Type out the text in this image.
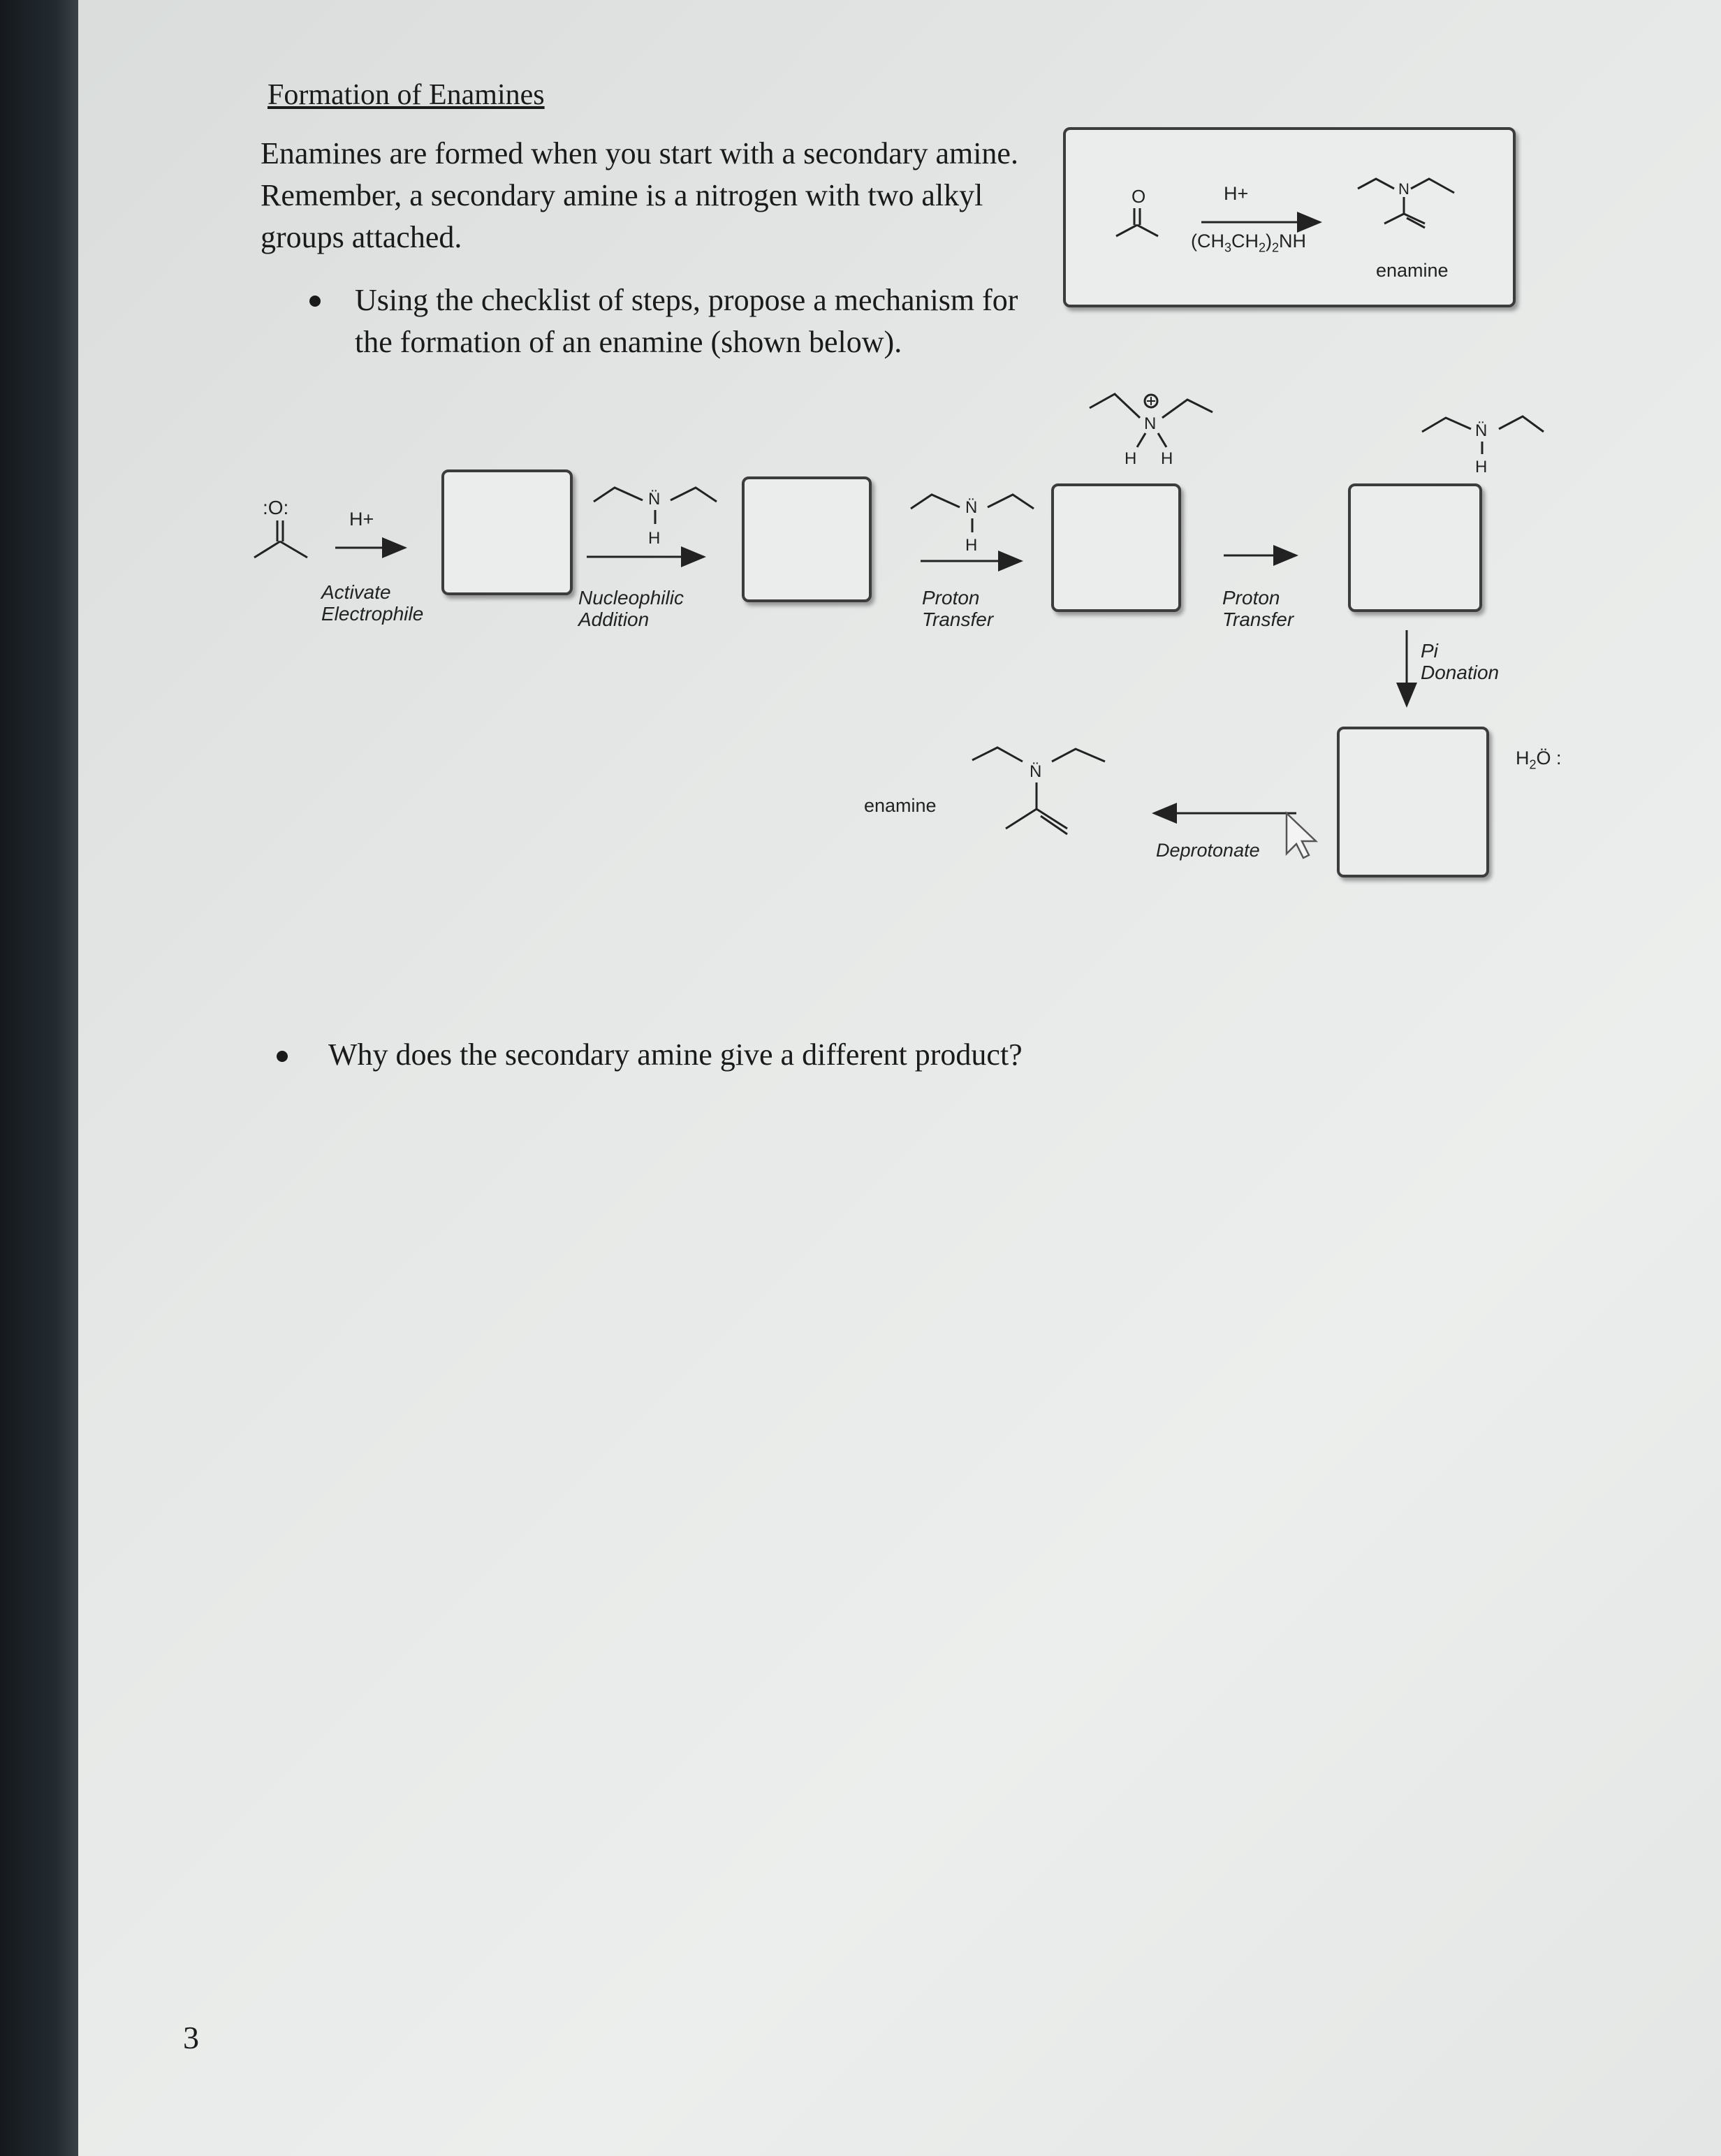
Formation of Enamines
Enamines are formed when you start with a secondary amine. Remember, a secondary amine is a nitrogen with two alkyl groups attached.
Using the checklist of steps, propose a mechanism for the formation of an enamine (shown below).
Why does the secondary amine give a different product?
H+
$(CH_3CH_2)_2NH$
enamine
H+
Activate
Electrophile
Nucleophilic
Addition
Proton
Transfer
Proton
Transfer
Pi
Donation
Deprotonate
enamine
$H_2Ö$ :
3
O	N
:O:	N̈
H
N̈
H
N
H H
N̈
H
N̈
